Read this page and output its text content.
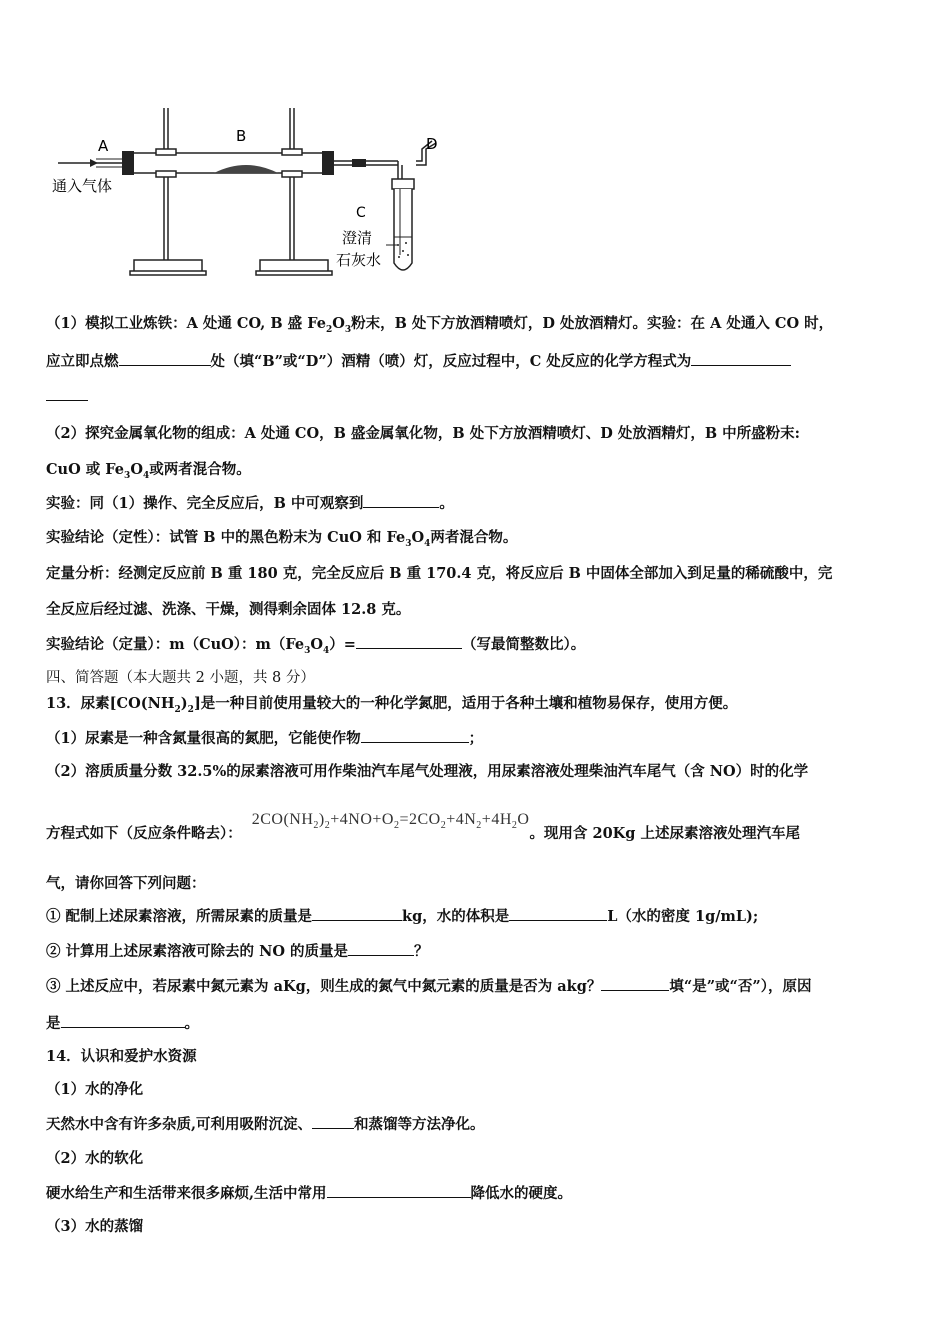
A
B	D
C
通入气体
澄清
石灰水
（1）模拟工业炼铁：A 处通 CO, B 盛 $Fe_2O_3$粉末，B 处下方放酒精喷灯，D 处放酒精灯。实验：在 A 处通入 CO 时，
应立即点燃	处（填“B”或“D”）酒精（喷）灯，反应过程中，C 处反应的化学方程式为
（2）探究金属氧化物的组成：A 处通 CO，B 盛金属氧化物，B 处下方放酒精喷灯、D 处放酒精灯，B 中所盛粉末:
CuO 或 $Fe_3O_4$或两者混合物。
实验：同（1）操作、完全反应后，B 中可观察到	。
实验结论（定性）：试管 B 中的黑色粉末为 CuO 和 $Fe_3O_4$两者混合物。
定量分析：经测定反应前 B 重 180 克，完全反应后 B 重 170.4 克，将反应后 B 中固体全部加入到足量的稀硫酸中，完
全反应后经过滤、洗涤、干燥，测得剩余固体 12.8 克。
实验结论（定量）：m（CuO）：$m(Fe_3O_4)=$	（写最简整数比）。
四、简答题（本大题共 2 小题，共 8 分）
13．尿素$[CO(NH_2)_2]$是一种目前使用量较大的一种化学氮肥，适用于各种土壤和植物易保存，使用方便。
（1）尿素是一种含氮量很高的氮肥，它能使作物	；
（2）溶质质量分数 32.5%的尿素溶液可用作柴油汽车尾气处理液，用尿素溶液处理柴油汽车尾气（含 NO）时的化学
方程式如下（反应条件略去）：$2CO(NH_2)_2+4NO+O_2=2CO_2+4N_2+4H_2O$。现用含 20Kg 上述尿素溶液处理汽车尾
气，请你回答下列问题：
① 配制上述尿素溶液，所需尿素的质量是	kg，水的体积是	L（水的密度 1g/mL);
② 计算用上述尿素溶液可除去的 NO 的质量是	？
③ 上述反应中，若尿素中氮元素为 aKg，则生成的氮气中氮元素的质量是否为 akg？	填“是”或“否”），原因
是	。
14．认识和爱护水资源
（1）水的净化
天然水中含有许多杂质,可利用吸附沉淀、	和蒸馏等方法净化。
（2）水的软化
硬水给生产和生活带来很多麻烦,生活中常用	降低水的硬度。
（3）水的蒸馏
